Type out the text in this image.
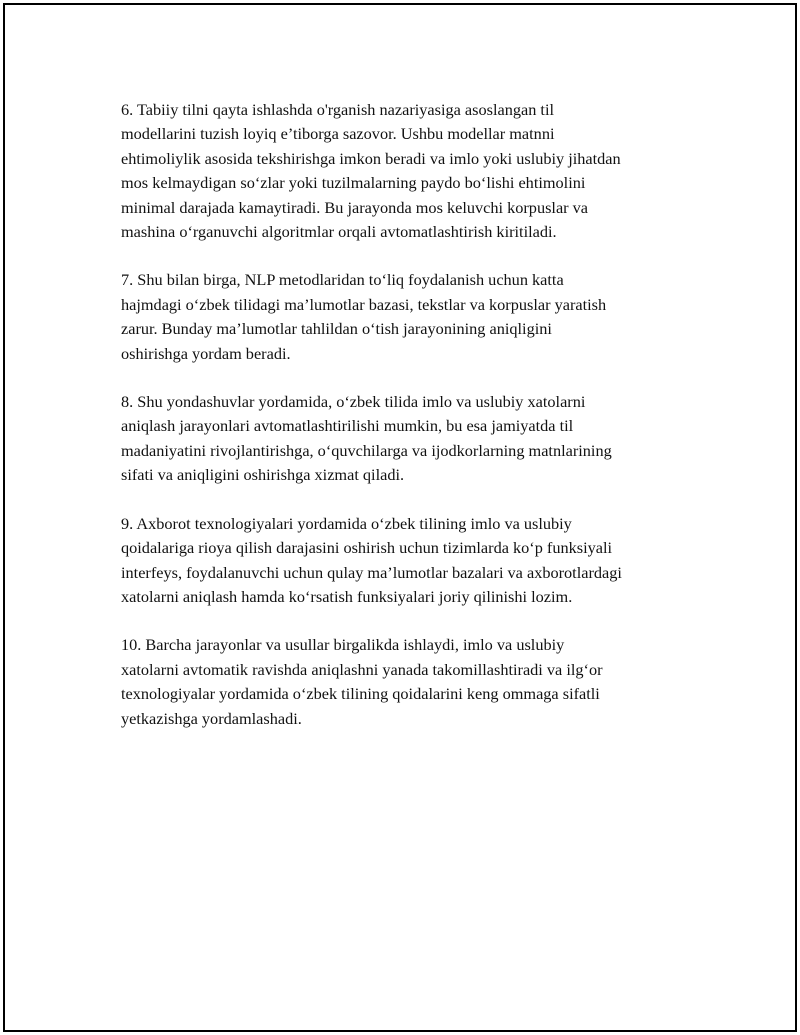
6. Tabiiy tilni qayta ishlashda o'rganish nazariyasiga asoslangan til
modellarini tuzish loyiq e’tiborga sazovor. Ushbu modellar matnni
ehtimoliylik asosida tekshirishga imkon beradi va imlo yoki uslubiy jihatdan
mos kelmaydigan soʻzlar yoki tuzilmalarning paydo boʻlishi ehtimolini
minimal darajada kamaytiradi. Bu jarayonda mos keluvchi korpuslar va
mashina oʻrganuvchi algoritmlar orqali avtomatlashtirish kiritiladi.

7. Shu bilan birga, NLP metodlaridan toʻliq foydalanish uchun katta
hajmdagi oʻzbek tilidagi ma’lumotlar bazasi, tekstlar va korpuslar yaratish
zarur. Bunday ma’lumotlar tahlildan oʻtish jarayonining aniqligini
oshirishga yordam beradi.

8. Shu yondashuvlar yordamida, oʻzbek tilida imlo va uslubiy xatolarni
aniqlash jarayonlari avtomatlashtirilishi mumkin, bu esa jamiyatda til
madaniyatini rivojlantirishga, oʻquvchilarga va ijodkorlarning matnlarining
sifati va aniqligini oshirishga xizmat qiladi.

9. Axborot texnologiyalari yordamida oʻzbek tilining imlo va uslubiy
qoidalariga rioya qilish darajasini oshirish uchun tizimlarda koʻp funksiyali
interfeys, foydalanuvchi uchun qulay ma’lumotlar bazalari va axborotlardagi
xatolarni aniqlash hamda koʻrsatish funksiyalari joriy qilinishi lozim.

10. Barcha jarayonlar va usullar birgalikda ishlaydi, imlo va uslubiy
xatolarni avtomatik ravishda aniqlashni yanada takomillashtiradi va ilgʻor
texnologiyalar yordamida oʻzbek tilining qoidalarini keng ommaga sifatli
yetkazishga yordamlashadi.
